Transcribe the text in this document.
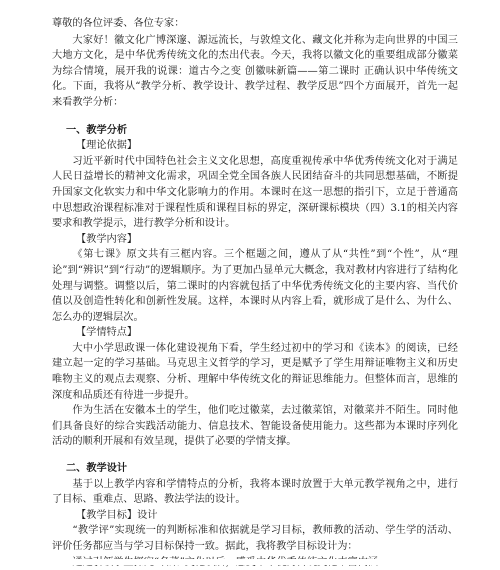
尊敬的各位评委、各位专家：

大家好！徽文化广博深邃、源远流长，与敦煌文化、藏文化并称为走向世界的中国三大地方文化，是中华优秀传统文化的杰出代表。今天，我将以徽文化的重要组成部分徽菜为综合情境，展开我的说课：道古今之变 创徽味新篇——第二课时 正确认识中华传统文化。下面，我将从“教学分析、教学设计、教学过程、教学反思”四个方面展开，首先一起来看教学分析：

一、教学分析

【理论依据】

习近平新时代中国特色社会主义文化思想，高度重视传承中华优秀传统文化对于满足人民日益增长的精神文化需求，巩固全党全国各族人民团结奋斗的共同思想基础，不断提升国家文化软实力和中华文化影响力的作用。本课时在这一思想的指引下，立足于普通高中思想政治课程标准对于课程性质和课程目标的界定，深研课标模块（四）3.1的相关内容要求和教学提示，进行教学分析和设计。

【教学内容】

《第七课》原文共有三框内容。三个框题之间，遵从了从“共性”到“个性”，从“理论”到“辨识”到“行动”的逻辑顺序。为了更加凸显单元大概念，我对教材内容进行了结构化处理与调整。调整以后，第二课时的内容就包括了中华优秀传统文化的主要内容、当代价值以及创造性转化和创新性发展。这样，本课时从内容上看，就形成了是什么、为什么、怎么办的逻辑层次。

【学情特点】

大中小学思政课一体化建设视角下看，学生经过初中的学习和《读本》的阅读，已经建立起一定的学习基础。马克思主义哲学的学习，更是赋予了学生用辩证唯物主义和历史唯物主义的观点去观察、分析、理解中华传统文化的辩证思维能力。但整体而言，思维的深度和品质还有待进一步提升。

作为生活在安徽本土的学生，他们吃过徽菜，去过徽菜馆，对徽菜并不陌生。同时他们具备良好的综合实践活动能力、信息技术、智能设备使用能力。这些都为本课时序列化活动的顺利开展和有效呈现，提供了必要的学情支撑。

二、教学设计

基于以上教学内容和学情特点的分析，我将本课时放置于大单元教学视角之中，进行了目标、重难点、思路、教法学法的设计。

【教学目标】设计

“教学评”实现统一的判断标准和依据就是学习目标，教师教的活动、学生学的活动、评价任务都应当与学习目标保持一致。据此，我将教学目标设计为：
